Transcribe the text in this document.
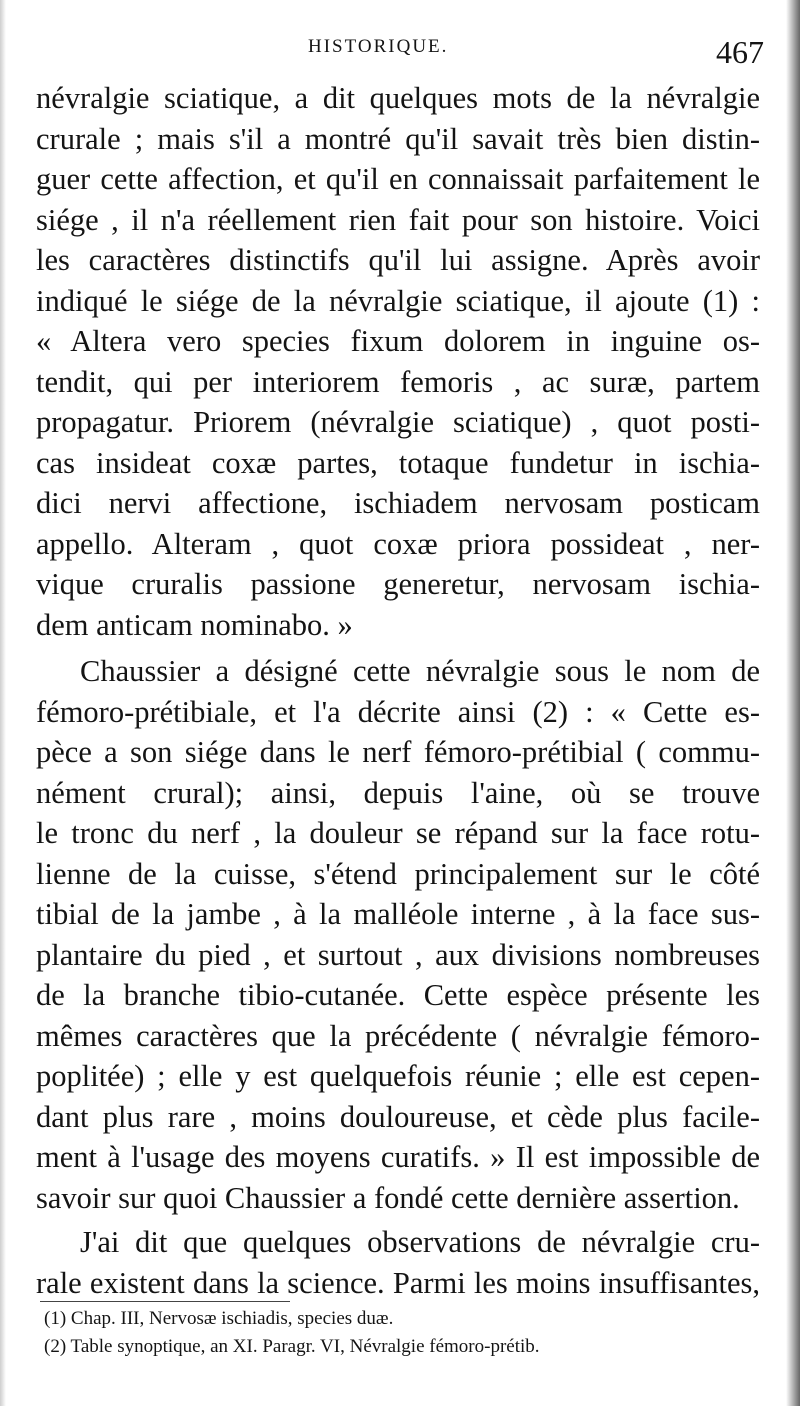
HISTORIQUE.	467

névralgie sciatique, a dit quelques mots de la névralgie
crurale ; mais s'il a montré qu'il savait très bien distin-
guer cette affection, et qu'il en connaissait parfaitement le
siége , il n'a réellement rien fait pour son histoire. Voici
les caractères distinctifs qu'il lui assigne. Après avoir
indiqué le siége de la névralgie sciatique, il ajoute (1) :
« Altera vero species fixum dolorem in inguine os-
tendit, qui per interiorem femoris , ac suræ, partem
propagatur. Priorem (névralgie sciatique) , quot posti-
cas insideat coxæ partes, totaque fundetur in ischia-
dici nervi affectione, ischiadem nervosam posticam
appello. Alteram , quot coxæ priora possideat , ner-
vique cruralis passione generetur, nervosam ischia-
dem anticam nominabo. »

Chaussier a désigné cette névralgie sous le nom de
fémoro-prétibiale, et l'a décrite ainsi (2) : « Cette es-
pèce a son siége dans le nerf fémoro-prétibial ( commu-
nément crural); ainsi, depuis l'aine, où se trouve
le tronc du nerf , la douleur se répand sur la face rotu-
lienne de la cuisse, s'étend principalement sur le côté
tibial de la jambe , à la malléole interne , à la face sus-
plantaire du pied , et surtout , aux divisions nombreuses
de la branche tibio-cutanée. Cette espèce présente les
mêmes caractères que la précédente ( névralgie fémoro-
poplitée) ; elle y est quelquefois réunie ; elle est cepen-
dant plus rare , moins douloureuse, et cède plus facile-
ment à l'usage des moyens curatifs. » Il est impossible de
savoir sur quoi Chaussier a fondé cette dernière assertion.

J'ai dit que quelques observations de névralgie cru-
rale existent dans la science. Parmi les moins insuffisantes,

(1) Chap. III, Nervosæ ischiadis, species duæ.

(2) Table synoptique, an XI. Paragr. VI, Névralgie fémoro-prétib.
